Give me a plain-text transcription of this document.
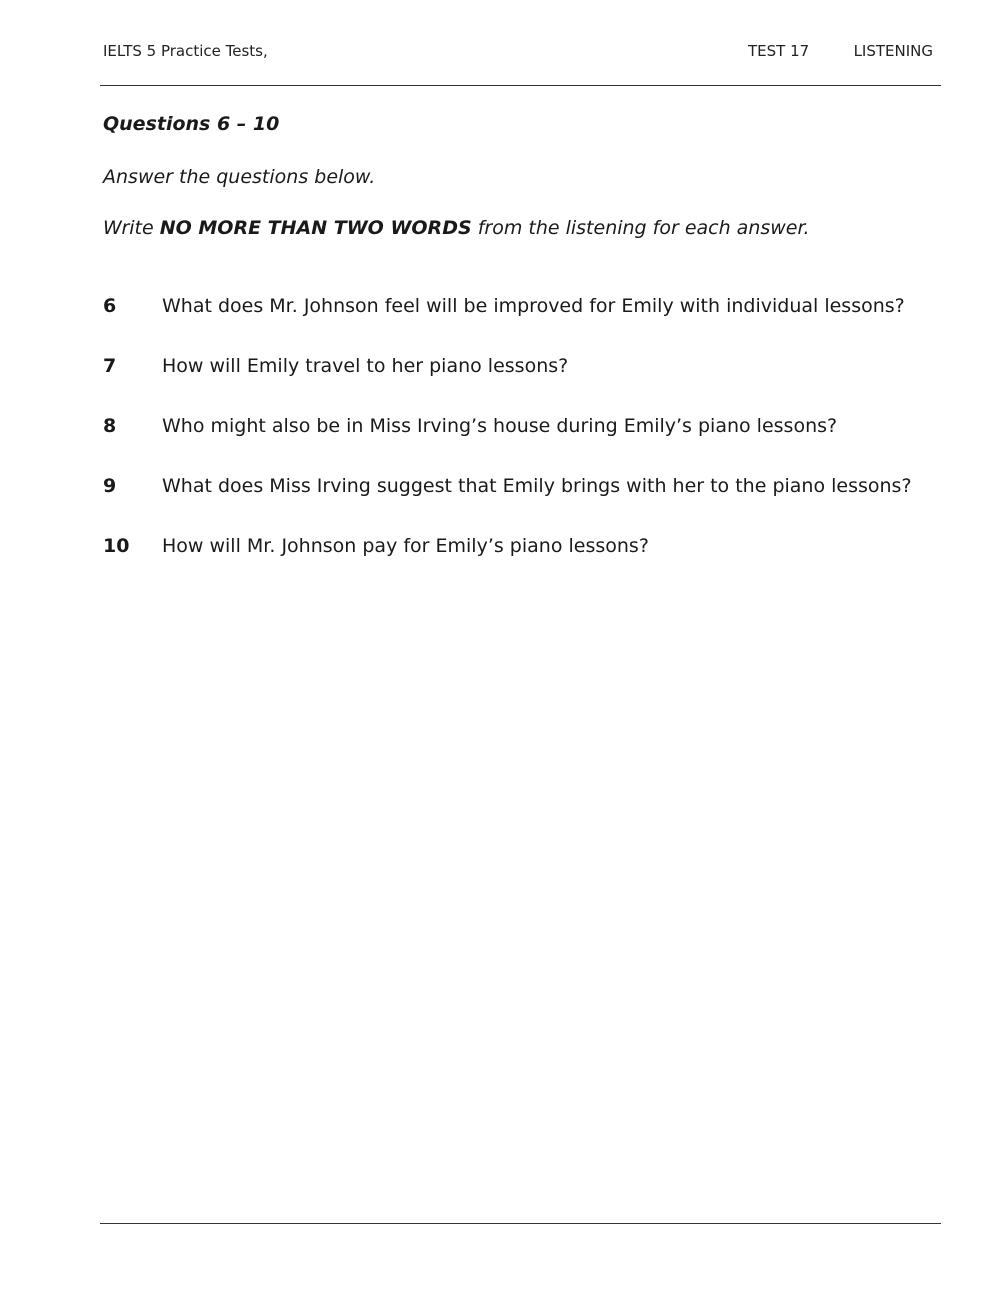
IELTS 5 Practice Tests,	TEST 17	LISTENING
Questions 6 – 10
Answer the questions below.
Write NO MORE THAN TWO WORDS from the listening for each answer.
6	What does Mr. Johnson feel will be improved for Emily with individual lessons?
7	How will Emily travel to her piano lessons?
8	Who might also be in Miss Irving’s house during Emily’s piano lessons?
9	What does Miss Irving suggest that Emily brings with her to the piano lessons?
10	How will Mr. Johnson pay for Emily’s piano lessons?
